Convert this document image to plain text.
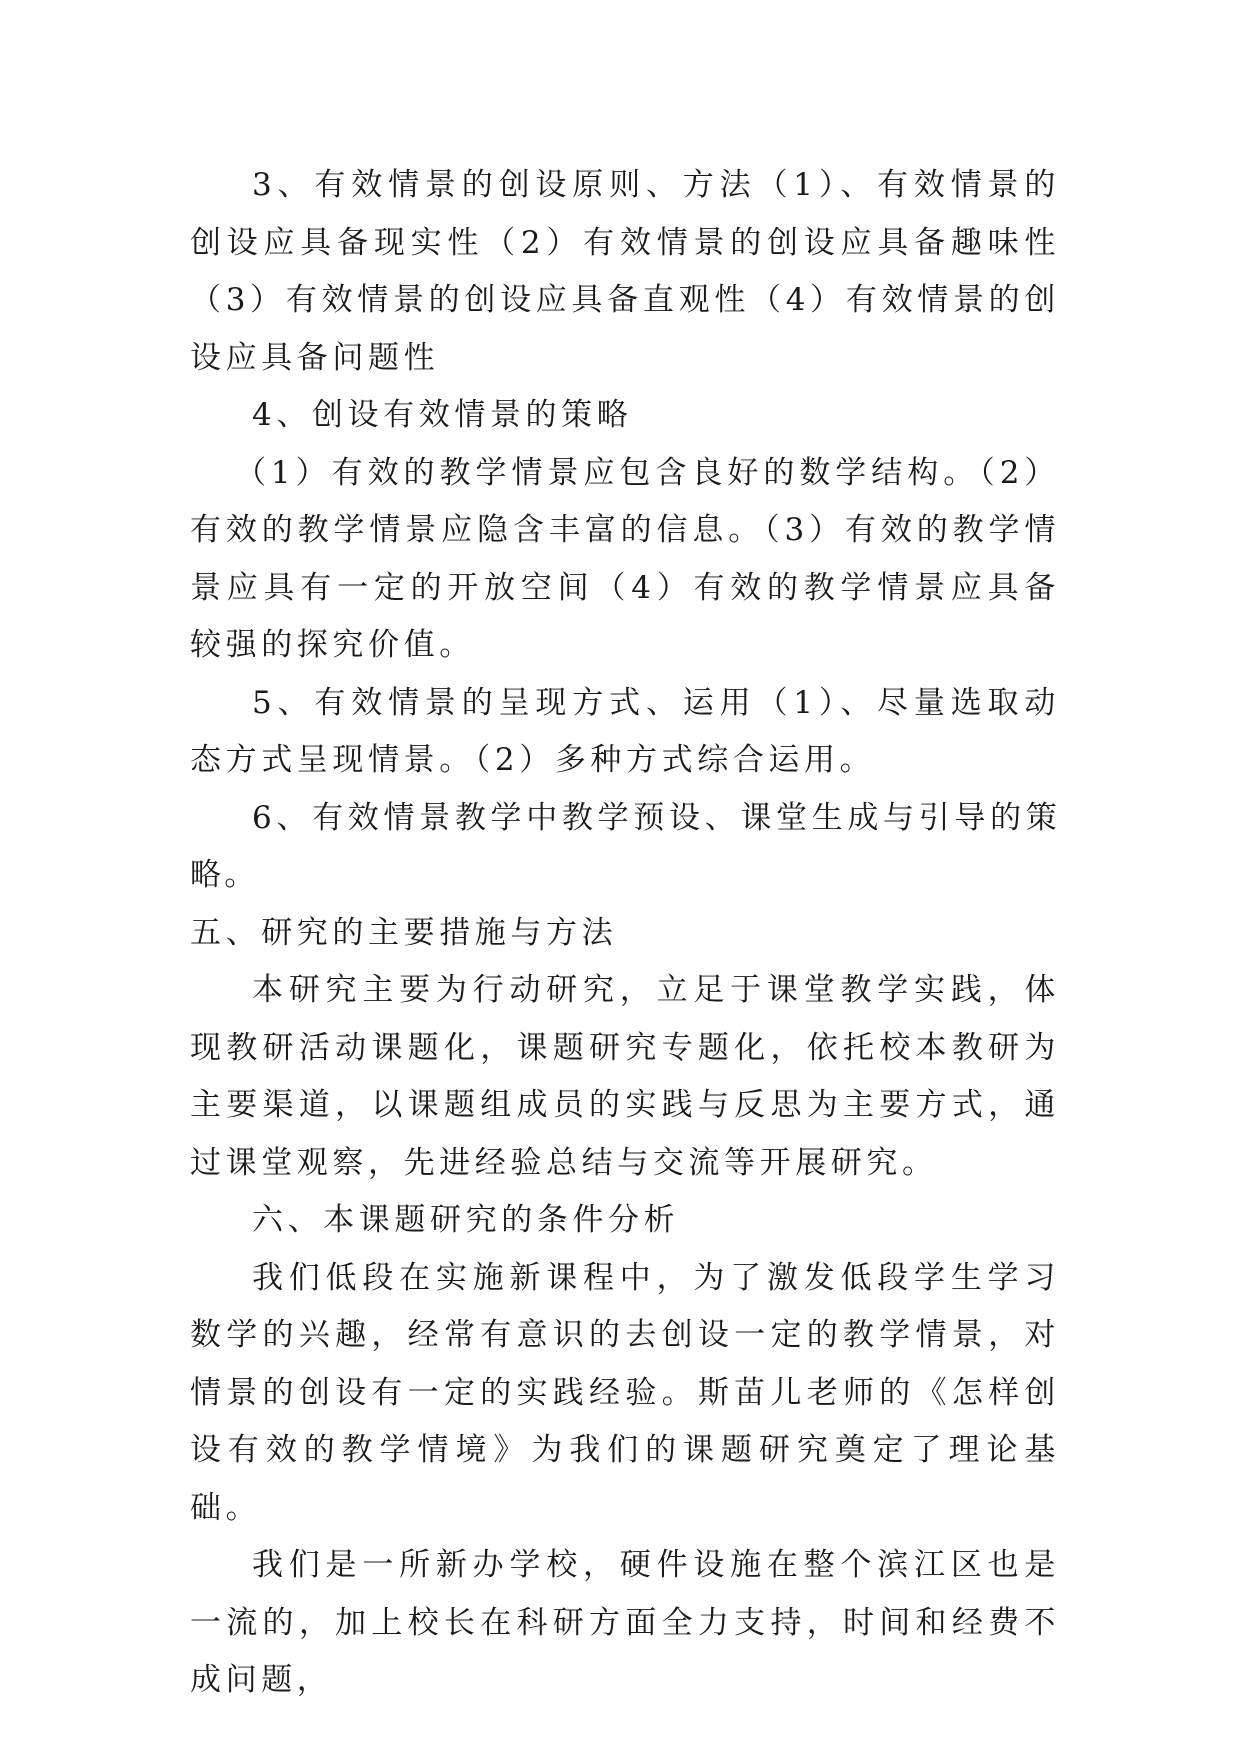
3、有效情景的创设原则、方法（1）、有效情景的创设应具备现实性（2）有效情景的创设应具备趣味性（3）有效情景的创设应具备直观性（4）有效情景的创设应具备问题性

4、创设有效情景的策略

（1）有效的教学情景应包含良好的数学结构。（2）有效的教学情景应隐含丰富的信息。（3）有效的教学情景应具有一定的开放空间（4）有效的教学情景应具备较强的探究价值。

5、有效情景的呈现方式、运用（1）、尽量选取动态方式呈现情景。（2）多种方式综合运用。

6、有效情景教学中教学预设、课堂生成与引导的策略。

五、研究的主要措施与方法

本研究主要为行动研究，立足于课堂教学实践，体现教研活动课题化，课题研究专题化，依托校本教研为主要渠道，以课题组成员的实践与反思为主要方式，通过课堂观察，先进经验总结与交流等开展研究。

六、本课题研究的条件分析

我们低段在实施新课程中，为了激发低段学生学习数学的兴趣，经常有意识的去创设一定的教学情景，对情景的创设有一定的实践经验。斯苗儿老师的《怎样创设有效的教学情境》为我们的课题研究奠定了理论基础。

我们是一所新办学校，硬件设施在整个滨江区也是一流的，加上校长在科研方面全力支持，时间和经费不成问题，
